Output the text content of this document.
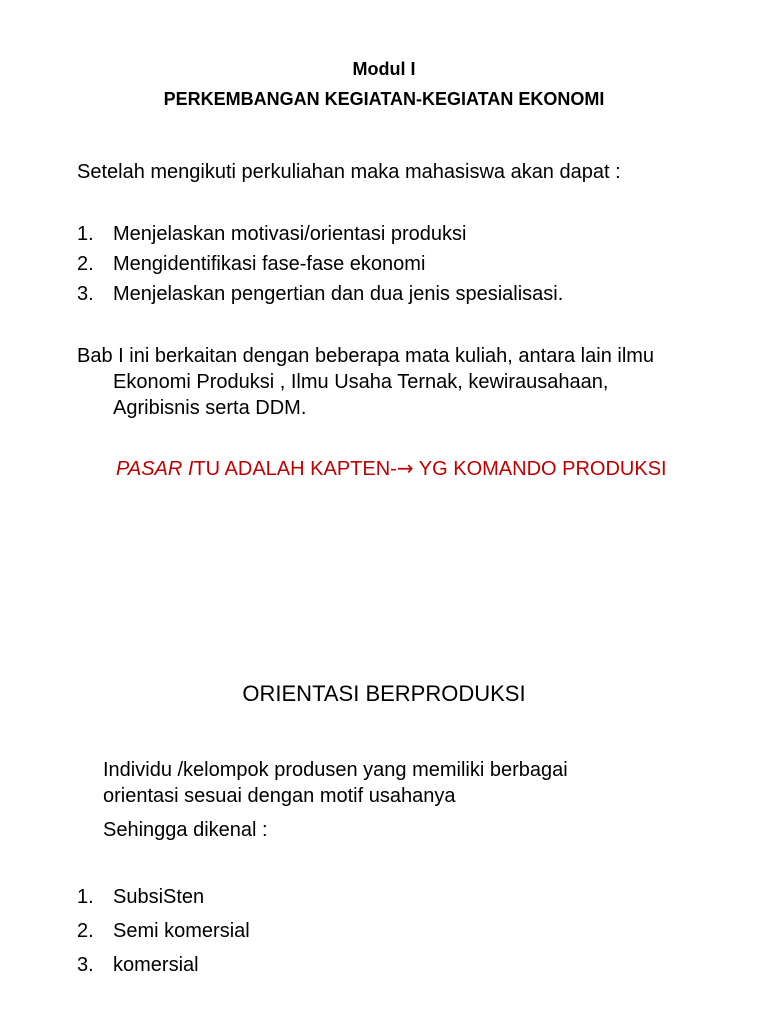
Modul I
PERKEMBANGAN KEGIATAN-KEGIATAN EKONOMI
Setelah mengikuti perkuliahan maka mahasiswa akan dapat :
1. Menjelaskan motivasi/orientasi produksi
2. Mengidentifikasi fase-fase ekonomi
3. Menjelaskan pengertian dan dua jenis spesialisasi.
Bab I ini berkaitan dengan beberapa mata kuliah, antara lain ilmu
Ekonomi Produksi , Ilmu Usaha Ternak, kewirausahaan,
Agribisnis serta DDM.
PASAR ITU ADALAH KAPTEN-→ YG KOMANDO PRODUKSI
ORIENTASI BERPRODUKSI
Individu /kelompok produsen yang memiliki berbagai
orientasi sesuai dengan motif usahanya
Sehingga dikenal :
1. SubsiSten
2. Semi komersial
3. komersial
